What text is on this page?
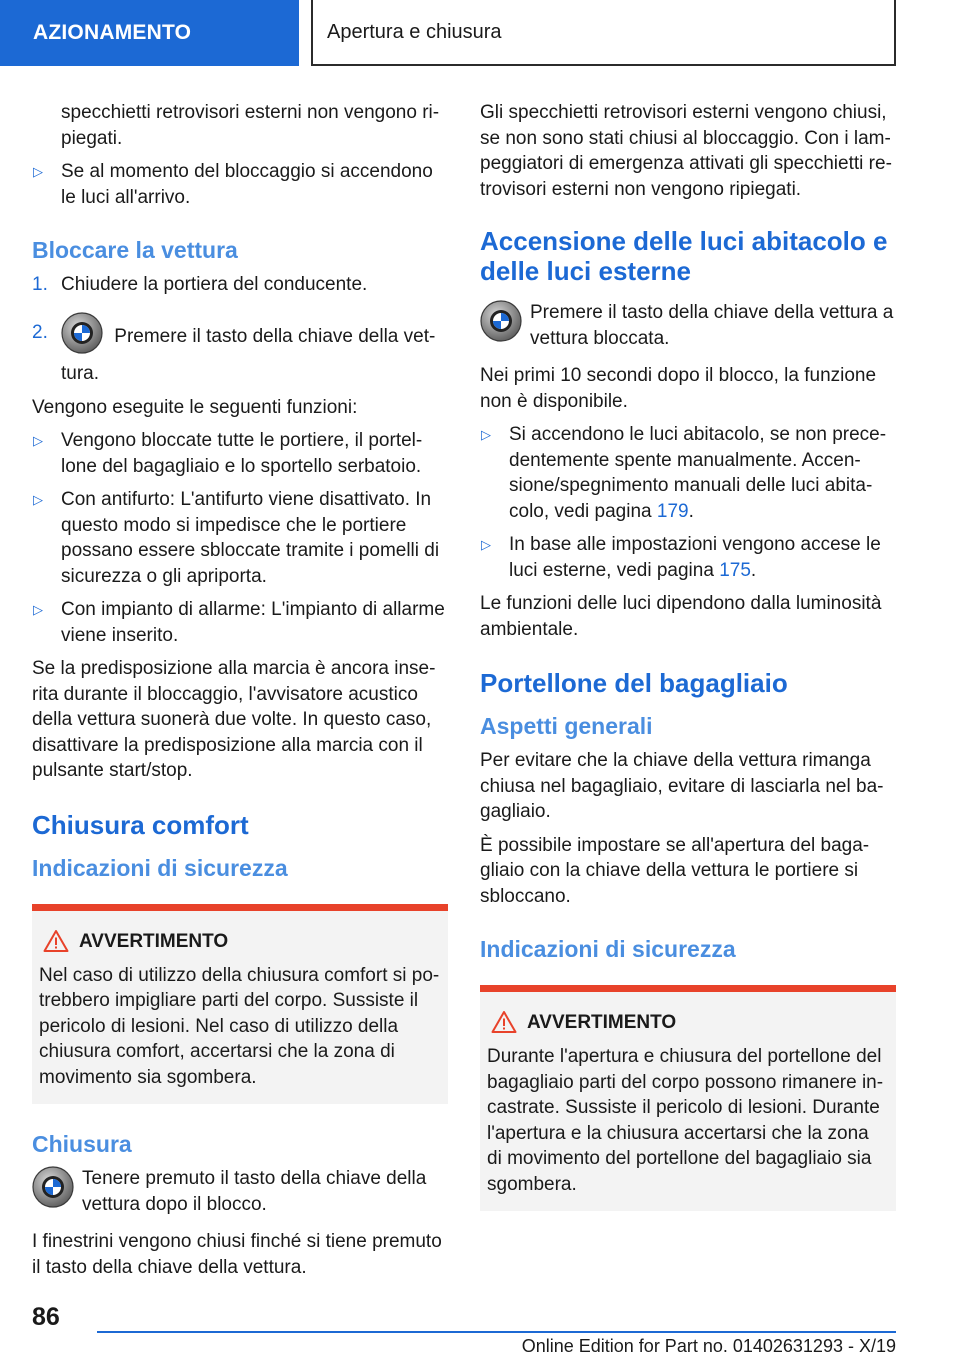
AZIONAMENTO	Apertura e chiusura

specchietti retrovisori esterni non vengono ripiegati.

▷ Se al momento del bloccaggio si accendono le luci all'arrivo.
Bloccare la vettura
1. Chiudere la portiera del conducente.
2.	Premere il tasto della chiave della vettura.

Vengono eseguite le seguenti funzioni:

▷ Vengono bloccate tutte le portiere, il portellone del bagagliaio e lo sportello serbatoio.
▷ Con antifurto: L'antifurto viene disattivato. In questo modo si impedisce che le portiere possano essere sbloccate tramite i pomelli di sicurezza o gli apriporta.
▷ Con impianto di allarme: L'impianto di allarme viene inserito.

Se la predisposizione alla marcia è ancora inserita durante il bloccaggio, l'avvisatore acustico della vettura suonerà due volte. In questo caso, disattivare la predisposizione alla marcia con il pulsante start/stop.

Chiusura comfort
Indicazioni di sicurezza
AVVERTIMENTO
Nel caso di utilizzo della chiusura comfort si potrebbero impigliare parti del corpo. Sussiste il pericolo di lesioni. Nel caso di utilizzo della chiusura comfort, accertarsi che la zona di movimento sia sgombera.
Chiusura
Tenere premuto il tasto della chiave della vettura dopo il blocco.

I finestrini vengono chiusi finché si tiene premuto il tasto della chiave della vettura.

Gli specchietti retrovisori esterni vengono chiusi, se non sono stati chiusi al bloccaggio. Con i lampeggiatori di emergenza attivati gli specchietti retrovisori esterni non vengono ripiegati.

Accensione delle luci abitacolo e delle luci esterne
Premere il tasto della chiave della vettura a vettura bloccata.

Nei primi 10 secondi dopo il blocco, la funzione non è disponibile.

▷ Si accendono le luci abitacolo, se non precedentemente spente manualmente. Accensione/spegnimento manuali delle luci abitacolo, vedi pagina 179.
▷ In base alle impostazioni vengono accese le luci esterne, vedi pagina 175.

Le funzioni delle luci dipendono dalla luminosità ambientale.

Portellone del bagagliaio
Aspetti generali

Per evitare che la chiave della vettura rimanga chiusa nel bagagliaio, evitare di lasciarla nel bagagliaio.

È possibile impostare se all'apertura del bagagliaio con la chiave della vettura le portiere si sbloccano.

Indicazioni di sicurezza
AVVERTIMENTO
Durante l'apertura e chiusura del portellone del bagagliaio parti del corpo possono rimanere incastrate. Sussiste il pericolo di lesioni. Durante l'apertura e la chiusura accertarsi che la zona di movimento del portellone del bagagliaio sia sgombera.
86
Online Edition for Part no. 01402631293 - X/19
